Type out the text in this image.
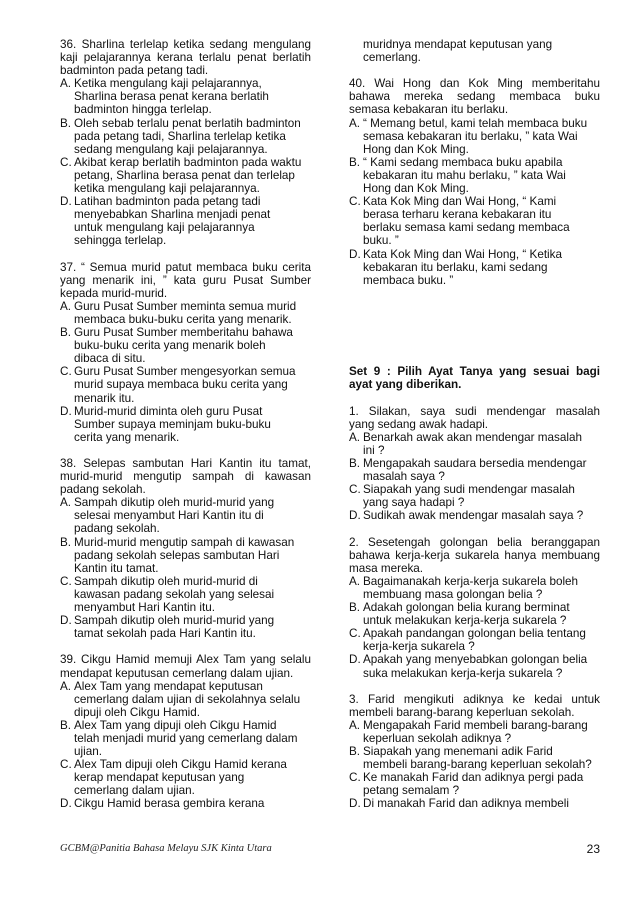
36. Sharlina terlelap ketika sedang mengulang

kaji pelajarannya kerana terlalu penat berlatih

badminton pada petang tadi.

A. Ketika mengulang kaji pelajarannya,
Sharlina berasa penat kerana berlatih
badminton hingga terlelap.
B. Oleh sebab terlalu penat berlatih badminton
pada petang tadi, Sharlina terlelap ketika
sedang mengulang kaji pelajarannya.
C. Akibat kerap berlatih badminton pada waktu
petang, Sharlina berasa penat dan terlelap
ketika mengulang kaji pelajarannya.
D. Latihan badminton pada petang tadi
menyebabkan Sharlina menjadi penat
untuk mengulang kaji pelajarannya
sehingga terlelap.

37. “ Semua murid patut membaca buku cerita

yang menarik ini, ” kata guru Pusat Sumber

kepada murid-murid.

A. Guru Pusat Sumber meminta semua murid
membaca buku-buku cerita yang menarik.
B. Guru Pusat Sumber memberitahu bahawa
buku-buku cerita yang menarik boleh
dibaca di situ.
C. Guru Pusat Sumber mengesyorkan semua
murid supaya membaca buku cerita yang
menarik itu.
D. Murid-murid diminta oleh guru Pusat
Sumber supaya meminjam buku-buku
cerita yang menarik.

38. Selepas sambutan Hari Kantin itu tamat,

murid-murid mengutip sampah di kawasan

padang sekolah.

A. Sampah dikutip oleh murid-murid yang
selesai menyambut Hari Kantin itu di
padang sekolah.
B. Murid-murid mengutip sampah di kawasan
padang sekolah selepas sambutan Hari
Kantin itu tamat.
C. Sampah dikutip oleh murid-murid di
kawasan padang sekolah yang selesai
menyambut Hari Kantin itu.
D. Sampah dikutip oleh murid-murid yang
tamat sekolah pada Hari Kantin itu.

39. Cikgu Hamid memuji Alex Tam yang selalu

mendapat keputusan cemerlang dalam ujian.

A. Alex Tam yang mendapat keputusan
cemerlang dalam ujian di sekolahnya selalu
dipuji oleh Cikgu Hamid.
B. Alex Tam yang dipuji oleh Cikgu Hamid
telah menjadi murid yang cemerlang dalam
ujian.
C. Alex Tam dipuji oleh Cikgu Hamid kerana
kerap mendapat keputusan yang
cemerlang dalam ujian.
D. Cikgu Hamid berasa gembira kerana
muridnya mendapat keputusan yang
cemerlang.

40. Wai Hong dan Kok Ming memberitahu

bahawa mereka sedang membaca buku

semasa kebakaran itu berlaku.

A. “ Memang betul, kami telah membaca buku
semasa kebakaran itu berlaku, ” kata Wai
Hong dan Kok Ming.
B. “ Kami sedang membaca buku apabila
kebakaran itu mahu berlaku, ” kata Wai
Hong dan Kok Ming.
C. Kata Kok Ming dan Wai Hong, “ Kami
berasa terharu kerana kebakaran itu
berlaku semasa kami sedang membaca
buku. ”
D. Kata Kok Ming dan Wai Hong, “ Ketika
kebakaran itu berlaku, kami sedang
membaca buku. ”

Set 9 : Pilih Ayat Tanya yang sesuai bagi

ayat yang diberikan.

1. Silakan, saya sudi mendengar masalah

yang sedang awak hadapi.

A. Benarkah awak akan mendengar masalah
ini ?
B. Mengapakah saudara bersedia mendengar
masalah saya ?
C. Siapakah yang sudi mendengar masalah
yang saya hadapi ?
D. Sudikah awak mendengar masalah saya ?

2. Sesetengah golongan belia beranggapan

bahawa kerja-kerja sukarela hanya membuang

masa mereka.

A. Bagaimanakah kerja-kerja sukarela boleh
membuang masa golongan belia ?
B. Adakah golongan belia kurang berminat
untuk melakukan kerja-kerja sukarela ?
C. Apakah pandangan golongan belia tentang
kerja-kerja sukarela ?
D. Apakah yang menyebabkan golongan belia
suka melakukan kerja-kerja sukarela ?

3. Farid mengikuti adiknya ke kedai untuk

membeli barang-barang keperluan sekolah.

A. Mengapakah Farid membeli barang-barang
keperluan sekolah adiknya ?
B. Siapakah yang menemani adik Farid
membeli barang-barang keperluan sekolah?
C. Ke manakah Farid dan adiknya pergi pada
petang semalam ?
D. Di manakah Farid dan adiknya membeli
GCBM@Panitia Bahasa Melayu SJK Kinta Utara	23
